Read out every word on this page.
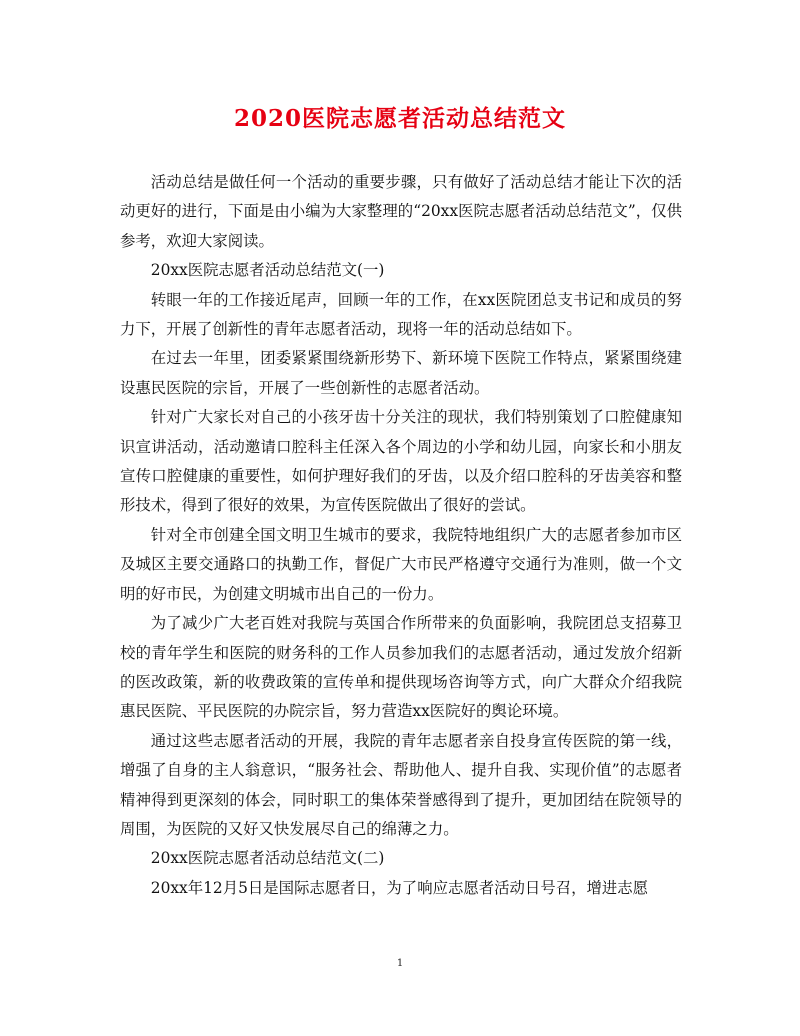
2020医院志愿者活动总结范文

活动总结是做任何一个活动的重要步骤，只有做好了活动总结才能让下次的活动更好的进行，下面是由小编为大家整理的“20xx医院志愿者活动总结范文”，仅供参考，欢迎大家阅读。

20xx医院志愿者活动总结范文(一)

转眼一年的工作接近尾声，回顾一年的工作，在xx医院团总支书记和成员的努力下，开展了创新性的青年志愿者活动，现将一年的活动总结如下。

在过去一年里，团委紧紧围绕新形势下、新环境下医院工作特点，紧紧围绕建设惠民医院的宗旨，开展了一些创新性的志愿者活动。

针对广大家长对自己的小孩牙齿十分关注的现状，我们特别策划了口腔健康知识宣讲活动，活动邀请口腔科主任深入各个周边的小学和幼儿园，向家长和小朋友宣传口腔健康的重要性，如何护理好我们的牙齿，以及介绍口腔科的牙齿美容和整形技术，得到了很好的效果，为宣传医院做出了很好的尝试。

针对全市创建全国文明卫生城市的要求，我院特地组织广大的志愿者参加市区及城区主要交通路口的执勤工作，督促广大市民严格遵守交通行为准则，做一个文明的好市民，为创建文明城市出自己的一份力。

为了减少广大老百姓对我院与英国合作所带来的负面影响，我院团总支招募卫校的青年学生和医院的财务科的工作人员参加我们的志愿者活动，通过发放介绍新的医改政策，新的收费政策的宣传单和提供现场咨询等方式，向广大群众介绍我院惠民医院、平民医院的办院宗旨，努力营造xx医院好的舆论环境。

通过这些志愿者活动的开展，我院的青年志愿者亲自投身宣传医院的第一线，增强了自身的主人翁意识，“服务社会、帮助他人、提升自我、实现价值”的志愿者精神得到更深刻的体会，同时职工的集体荣誉感得到了提升，更加团结在院领导的周围，为医院的又好又快发展尽自己的绵薄之力。

20xx医院志愿者活动总结范文(二)

20xx年12月5日是国际志愿者日，为了响应志愿者活动日号召，增进志愿

1
